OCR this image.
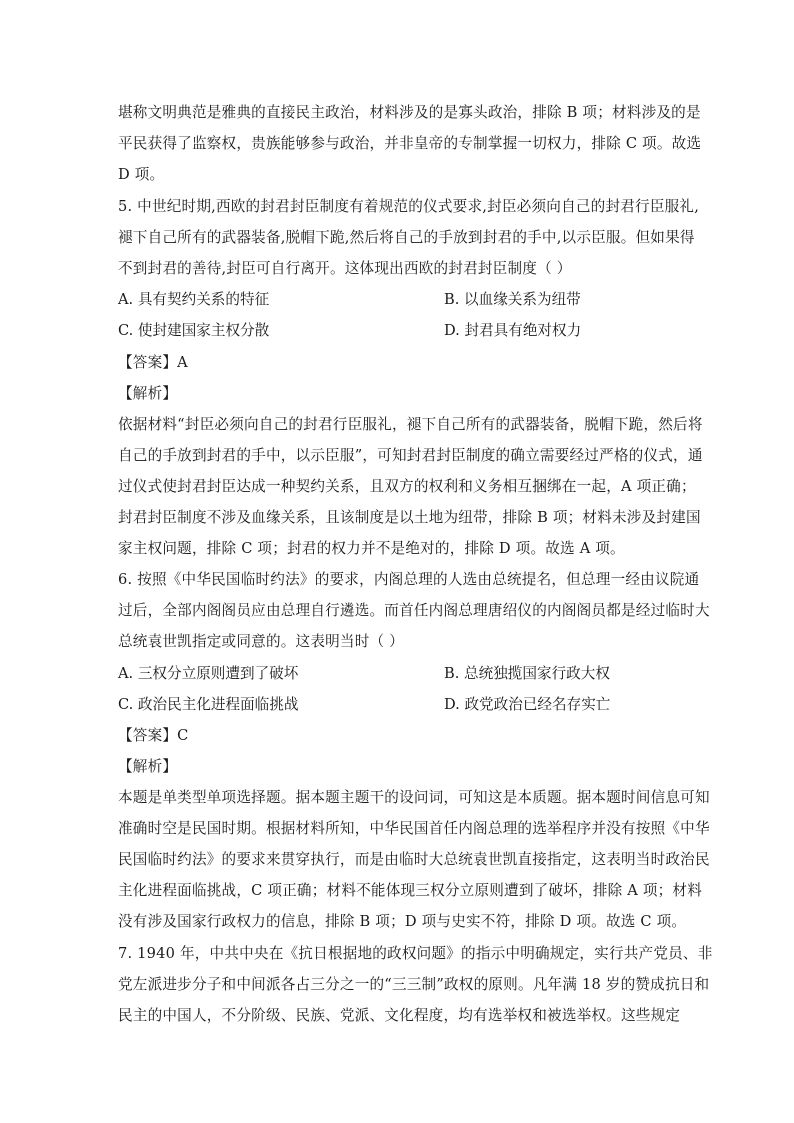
堪称文明典范是雅典的直接民主政治，材料涉及的是寡头政治，排除 B 项；材料涉及的是
平民获得了监察权，贵族能够参与政治，并非皇帝的专制掌握一切权力，排除 C 项。故选
D 项。
5. 中世纪时期,西欧的封君封臣制度有着规范的仪式要求,封臣必须向自己的封君行臣服礼,
褪下自己所有的武器装备,脱帽下跪,然后将自己的手放到封君的手中,以示臣服。但如果得
不到封君的善待,封臣可自行离开。这体现出西欧的封君封臣制度（ ）
A. 具有契约关系的特征	B. 以血缘关系为纽带
C. 使封建国家主权分散	D. 封君具有绝对权力
【答案】A
【解析】
依据材料“封臣必须向自己的封君行臣服礼，褪下自己所有的武器装备，脱帽下跪，然后将
自己的手放到封君的手中，以示臣服”，可知封君封臣制度的确立需要经过严格的仪式，通
过仪式使封君封臣达成一种契约关系，且双方的权利和义务相互捆绑在一起，A 项正确；
封君封臣制度不涉及血缘关系，且该制度是以土地为纽带，排除 B 项；材料未涉及封建国
家主权问题，排除 C 项；封君的权力并不是绝对的，排除 D 项。故选 A 项。
6. 按照《中华民国临时约法》的要求，内阁总理的人选由总统提名，但总理一经由议院通
过后，全部内阁阁员应由总理自行遴选。而首任内阁总理唐绍仪的内阁阁员都是经过临时大
总统袁世凯指定或同意的。这表明当时（ ）
A. 三权分立原则遭到了破坏	B. 总统独揽国家行政大权
C. 政治民主化进程面临挑战	D. 政党政治已经名存实亡
【答案】C
【解析】
本题是单类型单项选择题。据本题主题干的设问词，可知这是本质题。据本题时间信息可知
准确时空是民国时期。根据材料所知，中华民国首任内阁总理的选举程序并没有按照《中华
民国临时约法》的要求来贯穿执行，而是由临时大总统袁世凯直接指定，这表明当时政治民
主化进程面临挑战，C 项正确；材料不能体现三权分立原则遭到了破坏，排除 A 项；材料
没有涉及国家行政权力的信息，排除 B 项；D 项与史实不符，排除 D 项。故选 C 项。
7. 1940 年，中共中央在《抗日根据地的政权问题》的指示中明确规定，实行共产党员、非
党左派进步分子和中间派各占三分之一的“三三制”政权的原则。凡年满 18 岁的赞成抗日和
民主的中国人，不分阶级、民族、党派、文化程度，均有选举权和被选举权。这些规定
